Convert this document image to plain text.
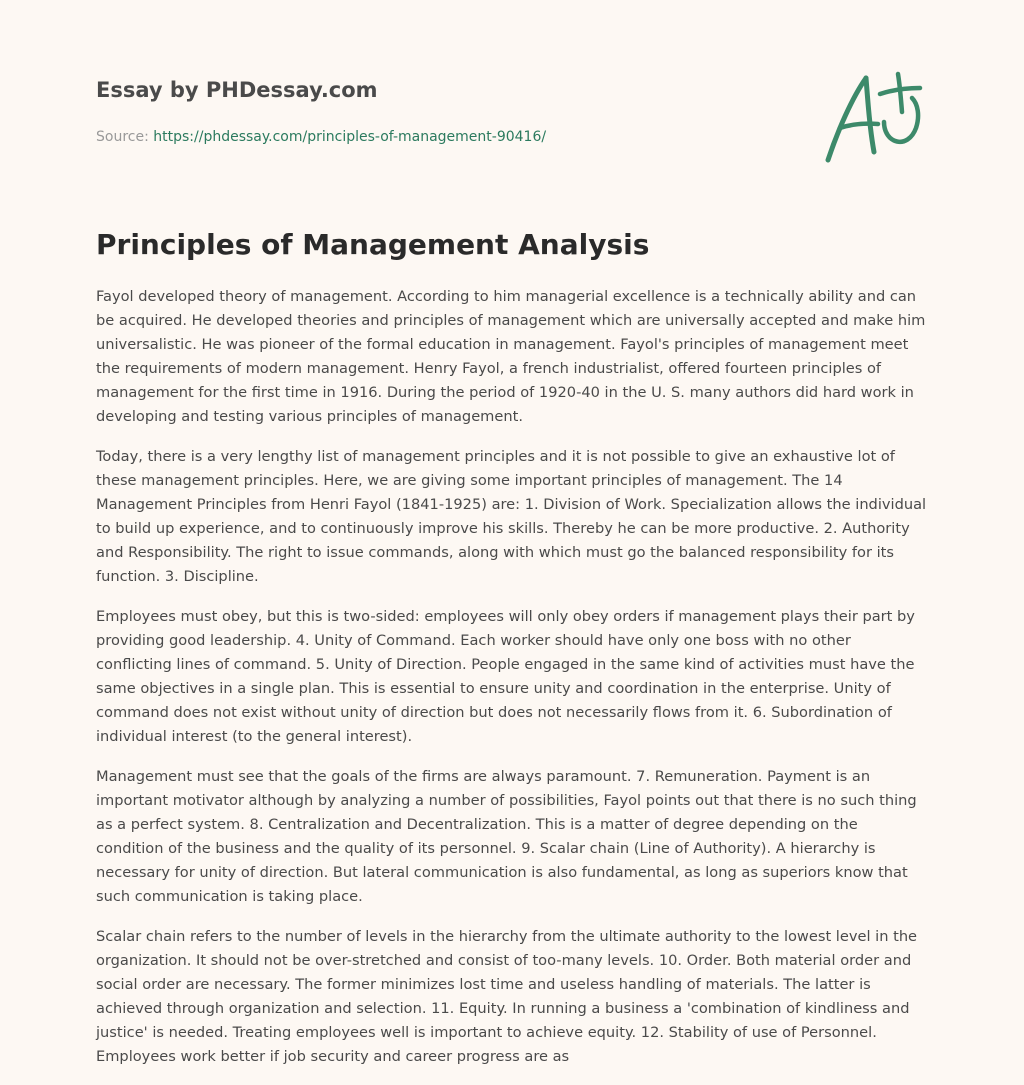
Essay by PHDessay.com
Source: https://phdessay.com/principles-of-management-90416/
Principles of Management Analysis

Fayol developed theory of management. According to him managerial excellence is a technically ability and can be acquired. He developed theories and principles of management which are universally accepted and make him universalistic. He was pioneer of the formal education in management. Fayol's principles of management meet the requirements of modern management. Henry Fayol, a french industrialist, offered fourteen principles of management for the first time in 1916. During the period of 1920-40 in the U. S. many authors did hard work in developing and testing various principles of management.

Today, there is a very lengthy list of management principles and it is not possible to give an exhaustive lot of these management principles. Here, we are giving some important principles of management. The 14 Management Principles from Henri Fayol (1841-1925) are: 1. Division of Work. Specialization allows the individual to build up experience, and to continuously improve his skills. Thereby he can be more productive. 2. Authority and Responsibility. The right to issue commands, along with which must go the balanced responsibility for its function. 3. Discipline.

Employees must obey, but this is two-sided: employees will only obey orders if management plays their part by providing good leadership. 4. Unity of Command. Each worker should have only one boss with no other conflicting lines of command. 5. Unity of Direction. People engaged in the same kind of activities must have the same objectives in a single plan. This is essential to ensure unity and coordination in the enterprise. Unity of command does not exist without unity of direction but does not necessarily flows from it. 6. Subordination of individual interest (to the general interest).

Management must see that the goals of the firms are always paramount. 7. Remuneration. Payment is an important motivator although by analyzing a number of possibilities, Fayol points out that there is no such thing as a perfect system. 8. Centralization and Decentralization. This is a matter of degree depending on the condition of the business and the quality of its personnel. 9. Scalar chain (Line of Authority). A hierarchy is necessary for unity of direction. But lateral communication is also fundamental, as long as superiors know that such communication is taking place.

Scalar chain refers to the number of levels in the hierarchy from the ultimate authority to the lowest level in the organization. It should not be over-stretched and consist of too-many levels. 10. Order. Both material order and social order are necessary. The former minimizes lost time and useless handling of materials. The latter is achieved through organization and selection. 11. Equity. In running a business a 'combination of kindliness and justice' is needed. Treating employees well is important to achieve equity. 12. Stability of use of Personnel. Employees work better if job security and career progress are as
